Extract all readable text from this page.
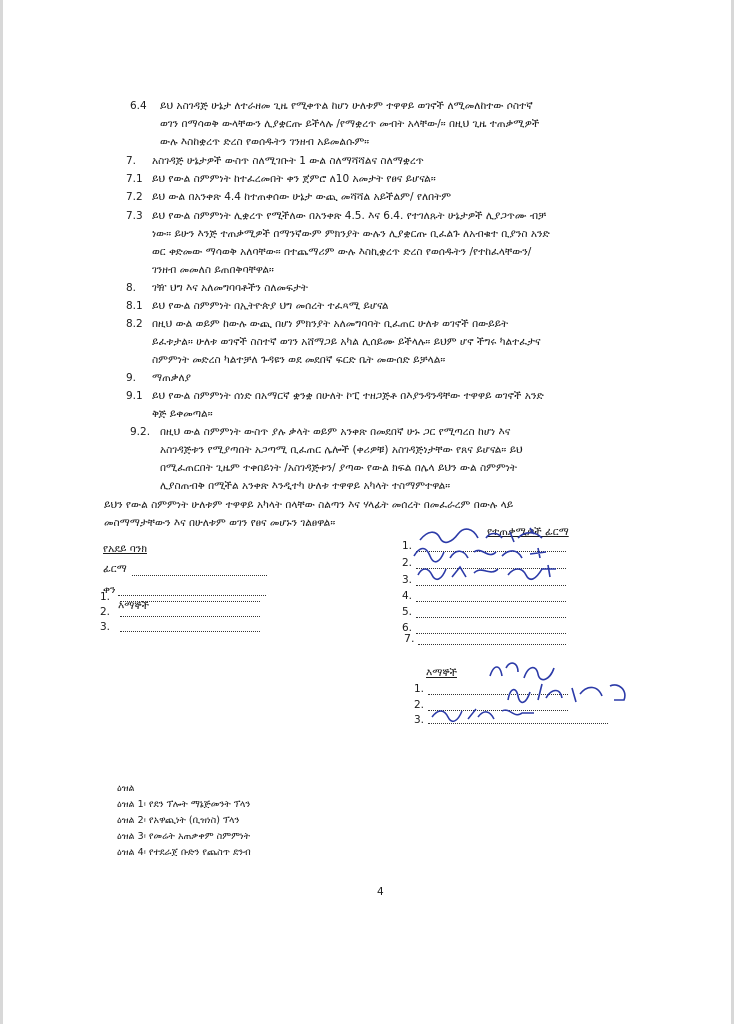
6.4 ይህ አስገዳጅ ሁኔታ ለተራዘመ ጊዜ የሚቀጥል ከሆነ ሁለቱም ተዋዋይ ወገኖች ለሚመለከተው ሶስተኛ
ወገን በማሳወቅ ውላቸውን ሊያቋርጡ ይችላሉ /የማቋረጥ መብት አላቸው/። በዚህ ጊዜ ተጠቃሚዎች
ውሉ እስከቋረጥ ድረስ የወሰዱትን ገንዘብ አይመልሱም።
7. አስገዳጅ ሁኔታዎች ውስጥ ስለሚገቡት 1 ውል ስለማሻሻልና ስለማቋረጥ
7.1 ይህ የውል ስምምነት ከተፈረመበት ቀን ጀምሮ ለ10 አመታት የፀና ይሆናል።
7.2 ይህ ውል በአንቀጽ 4.4 ከተጠቀሰው ሁኔታ ውጪ መሻሻል አይችልም/ የለበትም
7.3 ይህ የውል ስምምነት ሊቋረጥ የሚችለው በአንቀጽ 4.5. እና 6.4. የተገለጹት ሁኔታዎች ሊያጋጥሙ ብቻ
ነው። ይሁን እንጅ ተጠቃሚዎች በማንኛውም ምክንያት ውሉን ሊያቋርጡ ቢፈልጉ ለአብቁተ ቢያንስ አንድ
ወር ቀድመው ማሳወቅ አለባቸው። በተጨማሪም ውሉ እስኪቋረጥ ድረስ የወሰዱትን /የተከፈላቸውን/
ገንዘብ መመለስ ይጠበቅባቸዋል።
8. ገዥ ህግ እና አለመግባባቶችን ስለመፍታት
8.1 ይህ የውል ስምምነት በኢትዮጵያ ህግ መሰረት ተፈጻሚ ይሆናል
8.2 በዚህ ውል ወይም ከውሉ ውጪ በሆነ ምክንያት አለመግባባት ቢፈጠር ሁለቱ ወገኖች በውይይት
ይፈቱታል። ሁለቱ ወገኖች ስስተኛ ወገን አሸማጋይ አካል ሊሰይሙ ይችላሉ። ይህም ሆኖ ችግሩ ካልተፈታና
ስምምነት መድረስ ካልተቻለ ጉዳዩን ወደ መደበኛ ፍርድ ቤት መውሰድ ይቻላል።
9. ማጠቃለያ
9.1 ይህ የውል ስምምነት ሰነድ በአማርኛ ቋንቋ በሁለት ኮፒ ተዘጋጅቶ በእያንዳንዳቸው ተዋዋይ ወገኖች አንድ
ቅጅ ይቀመጣል።
9.2. በዚህ ውል ስምምነት ውስጥ ያሉ ቃላት ወይም አንቀጽ በመደበኛ ሁኑ ጋር የሚጣረስ ከሆነ እና
አስገዳጅቱን የሚያጣበት አጋጣሚ ቢፈጠር ሌሎች (ቀሪዎቹ) አስገዳጅነታቸው የጸና ይሆናል። ይህ
በሚፈጠርበት ጊዜም ተቀበይነት /አስገዳጅቱን/ ያጣው የውል ክፍል በሌላ ይህን ውል ስምምነት
ሊያስጠብቅ በሚችል አንቀጽ እንዲተካ ሁለቱ ተዋዋይ አካላት ተስማምተዋል።
ይህን የውል ስምምነት ሁለቱም ተዋዋይ አካላት በላቸው ስልጣን እና ሃላፊት መሰረት በመፈራረም በውሉ ላይ
መስማማታቸውን እና በሁለቱም ወገን የፀና መሆኑን ገልፀዋል።
የአደይ ባንክ
ፊርማ
ቀን
እማኞች
1.
2.
3.
የተጠቃሚዎች ፊርማ
1.
2.
3.
4.
5.
6.
7.
እማኞች
1.
2.
3.
ዕዝል
ዕዝል 1፡ የደን ፕሎት ማኔጅመንት ፕላን
ዕዝል 2፡ የአዋጪነት (ቢዝነስ) ፕላን
ዕዝል 3፡ የመሬት አጠቃቀም ስምምነት
ዕዝል 4፡ የተደራጀ ቡድን የጨስጥ ደንብ
4
